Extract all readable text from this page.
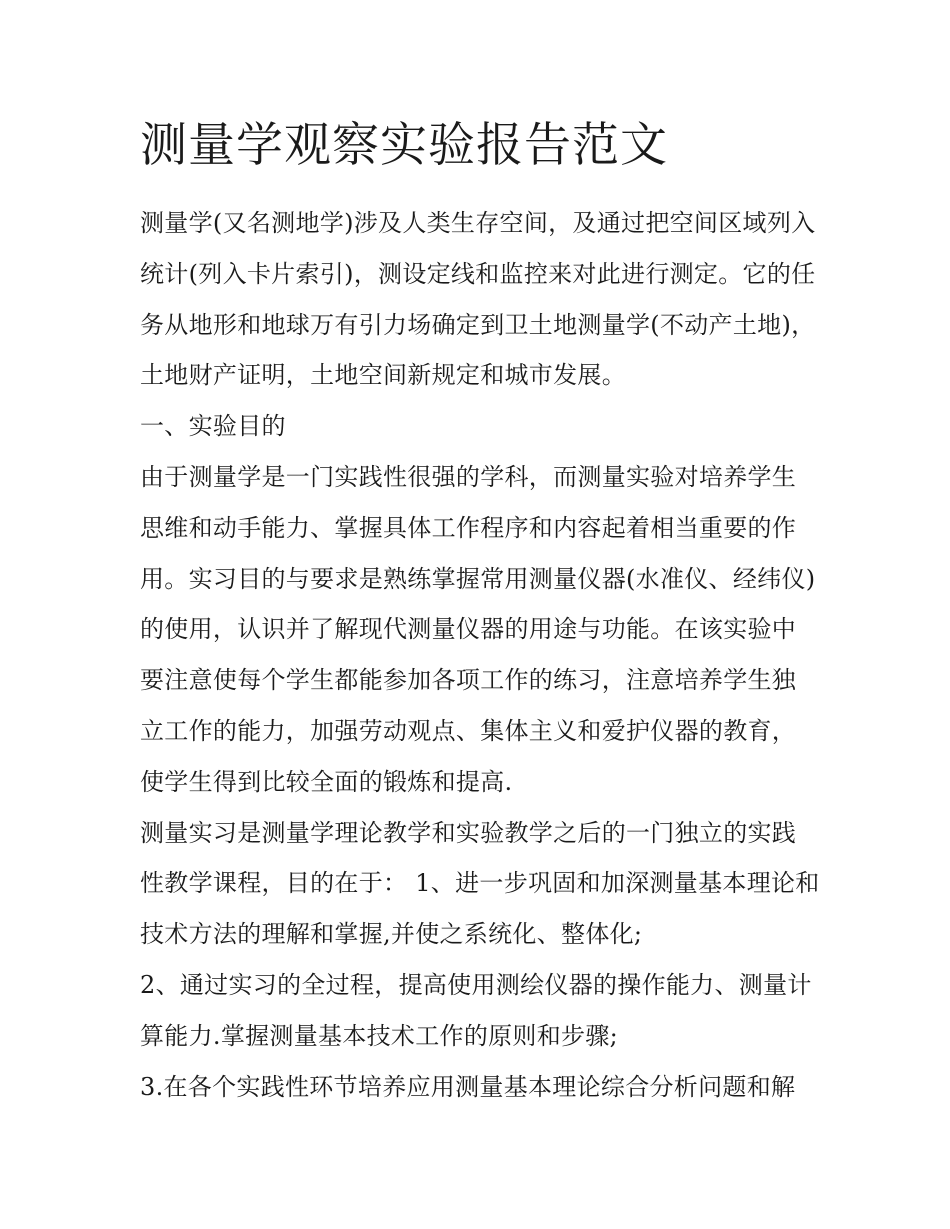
测量学观察实验报告范文

测量学(又名测地学)涉及人类生存空间，及通过把空间区域列入统计(列入卡片索引)，测设定线和监控来对此进行测定。它的任务从地形和地球万有引力场确定到卫土地测量学(不动产土地)，土地财产证明，土地空间新规定和城市发展。

一、实验目的

由于测量学是一门实践性很强的学科，而测量实验对培养学生思维和动手能力、掌握具体工作程序和内容起着相当重要的作用。实习目的与要求是熟练掌握常用测量仪器(水准仪、经纬仪)的使用，认识并了解现代测量仪器的用途与功能。在该实验中要注意使每个学生都能参加各项工作的练习，注意培养学生独立工作的能力，加强劳动观点、集体主义和爱护仪器的教育，使学生得到比较全面的锻炼和提高.

测量实习是测量学理论教学和实验教学之后的一门独立的实践性教学课程，目的在于： 1、进一步巩固和加深测量基本理论和技术方法的理解和掌握,并使之系统化、整体化;

2、通过实习的全过程，提高使用测绘仪器的操作能力、测量计算能力.掌握测量基本技术工作的原则和步骤;

3.在各个实践性环节培养应用测量基本理论综合分析问题和解
